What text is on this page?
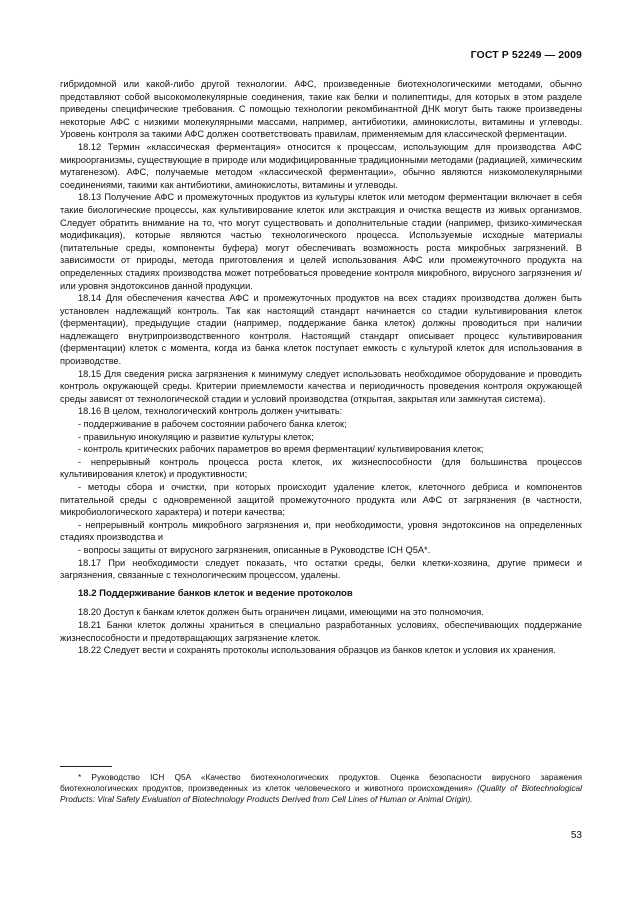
ГОСТ Р 52249 — 2009

гибридомной или какой-либо другой технологии. АФС, произведенные биотехнологическими методами, обычно представляют собой высокомолекулярные соединения, такие как белки и полипептиды, для которых в этом разделе приведены специфические требования. С помощью технологии рекомбинантной ДНК могут быть также произведены некоторые АФС с низкими молекулярными массами, например, антибиотики, аминокислоты, витамины и углеводы. Уровень контроля за такими АФС должен соответствовать правилам, применяемым для классической ферментации.

18.12 Термин «классическая ферментация» относится к процессам, использующим для производства АФС микроорганизмы, существующие в природе или модифицированные традиционными методами (радиацией, химическим мутагенезом). АФС, получаемые методом «классической ферментации», обычно являются низкомолекулярными соединениями, такими как антибиотики, аминокислоты, витамины и углеводы.

18.13 Получение АФС и промежуточных продуктов из культуры клеток или методом ферментации включает в себя такие биологические процессы, как культивирование клеток или экстракция и очистка веществ из живых организмов. Следует обратить внимание на то, что могут существовать и дополнительные стадии (например, физико-химическая модификация), которые являются частью технологического процесса. Используемые исходные материалы (питательные среды, компоненты буфера) могут обеспечивать возможность роста микробных загрязнений. В зависимости от природы, метода приготовления и целей использования АФС или промежуточного продукта на определенных стадиях производства может потребоваться проведение контроля микробного, вирусного загрязнения и/или уровня эндотоксинов данной продукции.

18.14 Для обеспечения качества АФС и промежуточных продуктов на всех стадиях производства должен быть установлен надлежащий контроль. Так как настоящий стандарт начинается со стадии культивирования клеток (ферментации), предыдущие стадии (например, поддержание банка клеток) должны проводиться при наличии надлежащего внутрипроизводственного контроля. Настоящий стандарт описывает процесс культивирования (ферментации) клеток с момента, когда из банка клеток поступает емкость с культурой клеток для использования в производстве.

18.15 Для сведения риска загрязнения к минимуму следует использовать необходимое оборудование и проводить контроль окружающей среды. Критерии приемлемости качества и периодичность проведения контроля окружающей среды зависят от технологической стадии и условий производства (открытая, закрытая или замкнутая система).

18.16 В целом, технологический контроль должен учитывать:

- поддерживание в рабочем состоянии рабочего банка клеток;

- правильную инокуляцию и развитие культуры клеток;

- контроль критических рабочих параметров во время ферментации/ культивирования клеток;

- непрерывный контроль процесса роста клеток, их жизнеспособности (для большинства процессов культивирования клеток) и продуктивности;

- методы сбора и очистки, при которых происходит удаление клеток, клеточного дебриса и компонентов питательной среды с одновременной защитой промежуточного продукта или АФС от загрязнения (в частности, микробиологического характера) и потери качества;

- непрерывный контроль микробного загрязнения и, при необходимости, уровня эндотоксинов на определенных стадиях производства и

- вопросы защиты от вирусного загрязнения, описанные в Руководстве ICH Q5A*.

18.17 При необходимости следует показать, что остатки среды, белки клетки-хозяина, другие примеси и загрязнения, связанные с технологическим процессом, удалены.

18.2 Поддерживание банков клеток и ведение протоколов

18.20 Доступ к банкам клеток должен быть ограничен лицами, имеющими на это полномочия.

18.21 Банки клеток должны храниться в специально разработанных условиях, обеспечивающих поддержание жизнеспособности и предотвращающих загрязнение клеток.

18.22 Следует вести и сохранять протоколы использования образцов из банков клеток и условия их хранения.

* Руководство ICH Q5A «Качество биотехнологических продуктов. Оценка безопасности вирусного заражения биотехнологических продуктов, произведенных из клеток человеческого и животного происхождения» (Quality of Biotechnological Products: Viral Safety Evaluation of Biotechnology Products Derived from Cell Lines of Human or Animal Origin).

53
